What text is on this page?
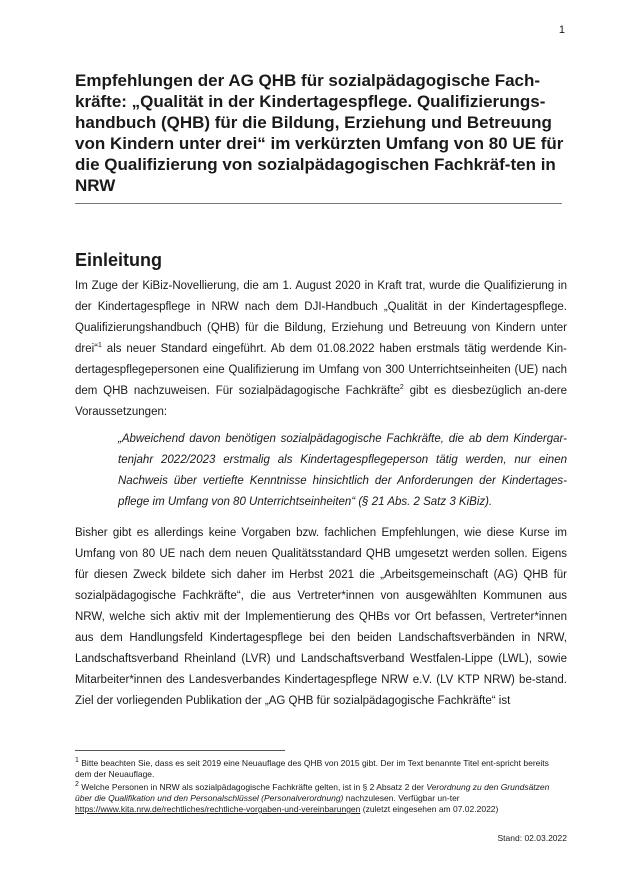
1
Empfehlungen der AG QHB für sozialpädagogische Fach-kräfte: „Qualität in der Kindertagespflege. Qualifizierungs-handbuch (QHB) für die Bildung, Erziehung und Betreuung von Kindern unter drei“ im verkürzten Umfang von 80 UE für die Qualifizierung von sozialpädagogischen Fachkräf-ten in NRW
Einleitung

Im Zuge der KiBiz-Novellierung, die am 1. August 2020 in Kraft trat, wurde die Qualifizierung in der Kindertagespflege in NRW nach dem DJI-Handbuch „Qualität in der Kindertagespflege. Qualifizierungshandbuch (QHB) für die Bildung, Erziehung und Betreuung von Kindern unter drei“$^1$ als neuer Standard eingeführt. Ab dem 01.08.2022 haben erstmals tätig werdende Kin-dertagespflegepersonen eine Qualifizierung im Umfang von 300 Unterrichtseinheiten (UE) nach dem QHB nachzuweisen. Für sozialpädagogische Fachkräfte$^2$ gibt es diesbezüglich an-dere Voraussetzungen:

„Abweichend davon benötigen sozialpädagogische Fachkräfte, die ab dem Kindergar-tenjahr 2022/2023 erstmalig als Kindertagespflegeperson tätig werden, nur einen Nachweis über vertiefte Kenntnisse hinsichtlich der Anforderungen der Kindertages-pflege im Umfang von 80 Unterrichtseinheiten“ (§ 21 Abs. 2 Satz 3 KiBiz).

Bisher gibt es allerdings keine Vorgaben bzw. fachlichen Empfehlungen, wie diese Kurse im Umfang von 80 UE nach dem neuen Qualitätsstandard QHB umgesetzt werden sollen. Eigens für diesen Zweck bildete sich daher im Herbst 2021 die „Arbeitsgemeinschaft (AG) QHB für sozialpädagogische Fachkräfte“, die aus Vertreter*innen von ausgewählten Kommunen aus NRW, welche sich aktiv mit der Implementierung des QHBs vor Ort befassen, Vertreter*innen aus dem Handlungsfeld Kindertagespflege bei den beiden Landschaftsverbänden in NRW, Landschaftsverband Rheinland (LVR) und Landschaftsverband Westfalen-Lippe (LWL), sowie Mitarbeiter*innen des Landesverbandes Kindertagespflege NRW e.V. (LV KTP NRW) be-stand. Ziel der vorliegenden Publikation der „AG QHB für sozialpädagogische Fachkräfte“ ist

$^1$ Bitte beachten Sie, dass es seit 2019 eine Neuauflage des QHB von 2015 gibt. Der im Text benannte Titel ent-spricht bereits dem der Neuauflage.

$^2$ Welche Personen in NRW als sozialpädagogische Fachkräfte gelten, ist in § 2 Absatz 2 der Verordnung zu den Grundsätzen über die Qualifikation und den Personalschlüssel (Personalverordnung) nachzulesen. Verfügbar un-ter https://www.kita.nrw.de/rechtliches/rechtliche-vorgaben-und-vereinbarungen (zuletzt eingesehen am 07.02.2022)

Stand: 02.03.2022
